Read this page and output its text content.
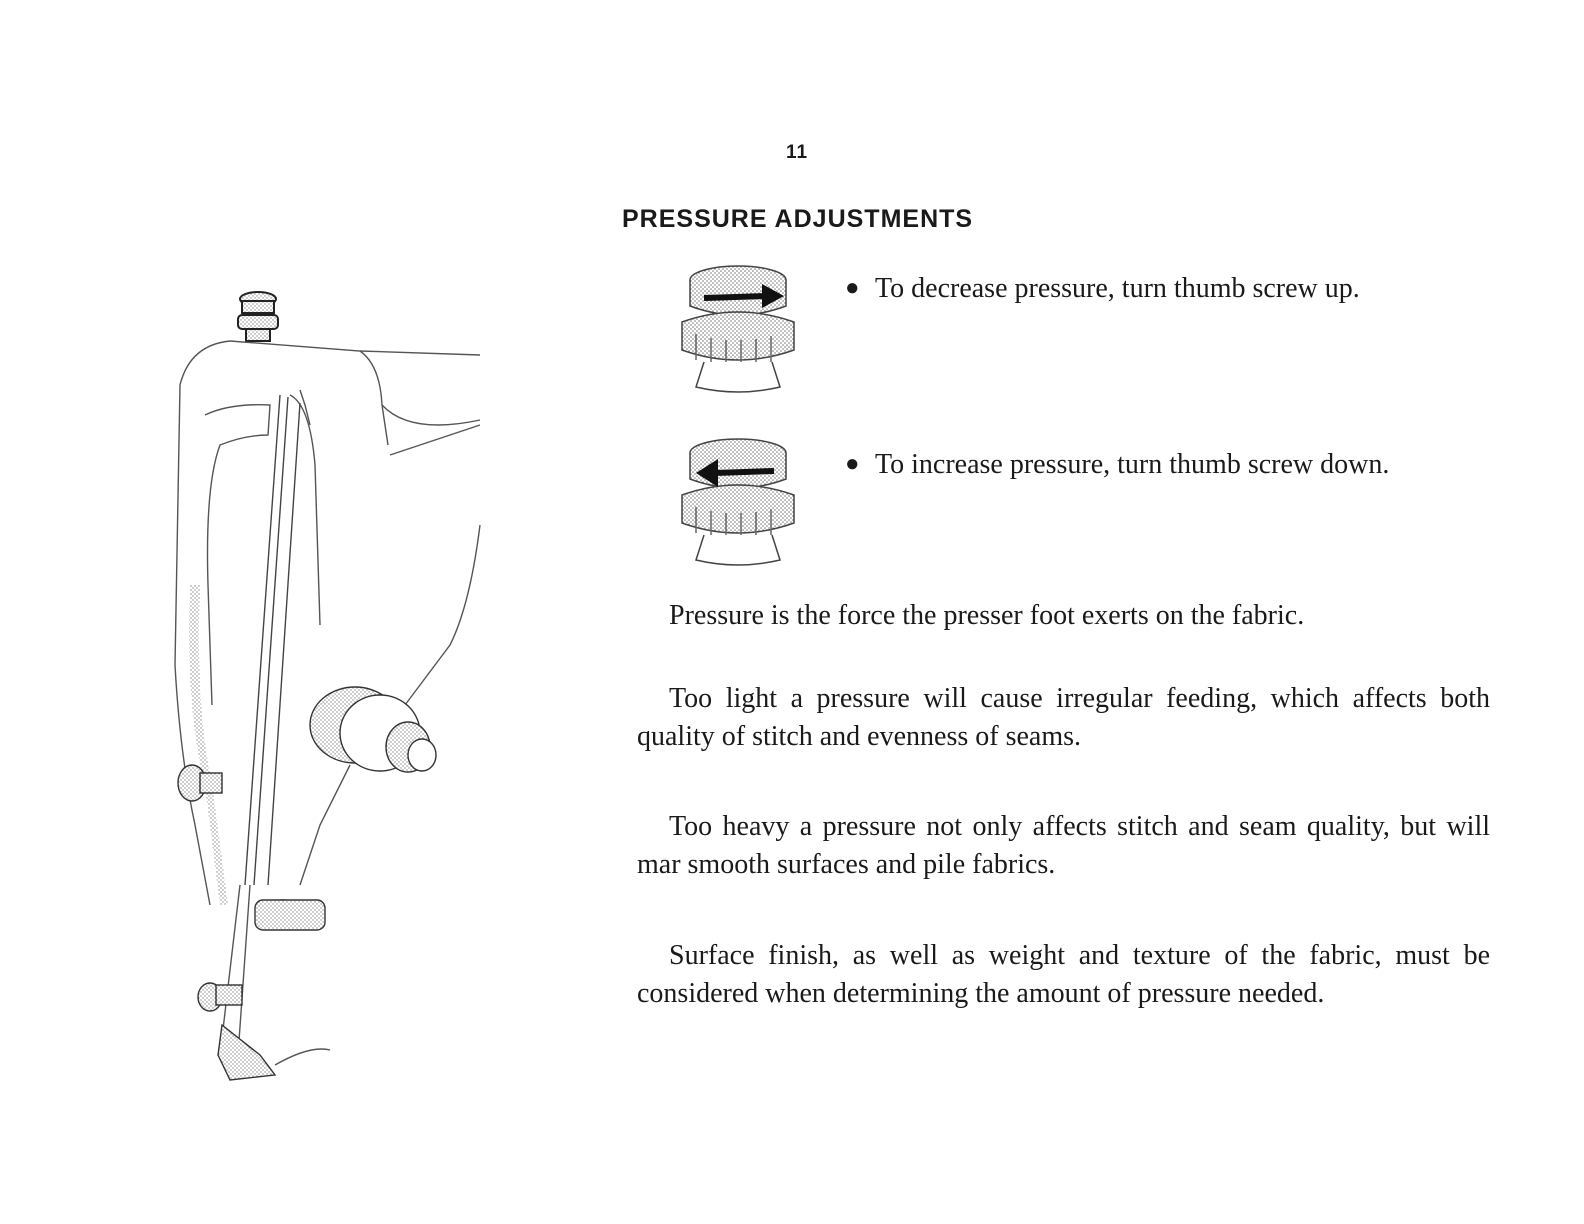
11
PRESSURE ADJUSTMENTS
● To decrease pressure, turn thumb screw up.
● To increase pressure, turn thumb screw down.

Pressure is the force the presser foot exerts on the fabric.

Too light a pressure will cause irregular feeding, which affects both quality of stitch and evenness of seams.

Too heavy a pressure not only affects stitch and seam quality, but will mar smooth surfaces and pile fabrics.

Surface finish, as well as weight and texture of the fabric, must be considered when determining the amount of pressure needed.
